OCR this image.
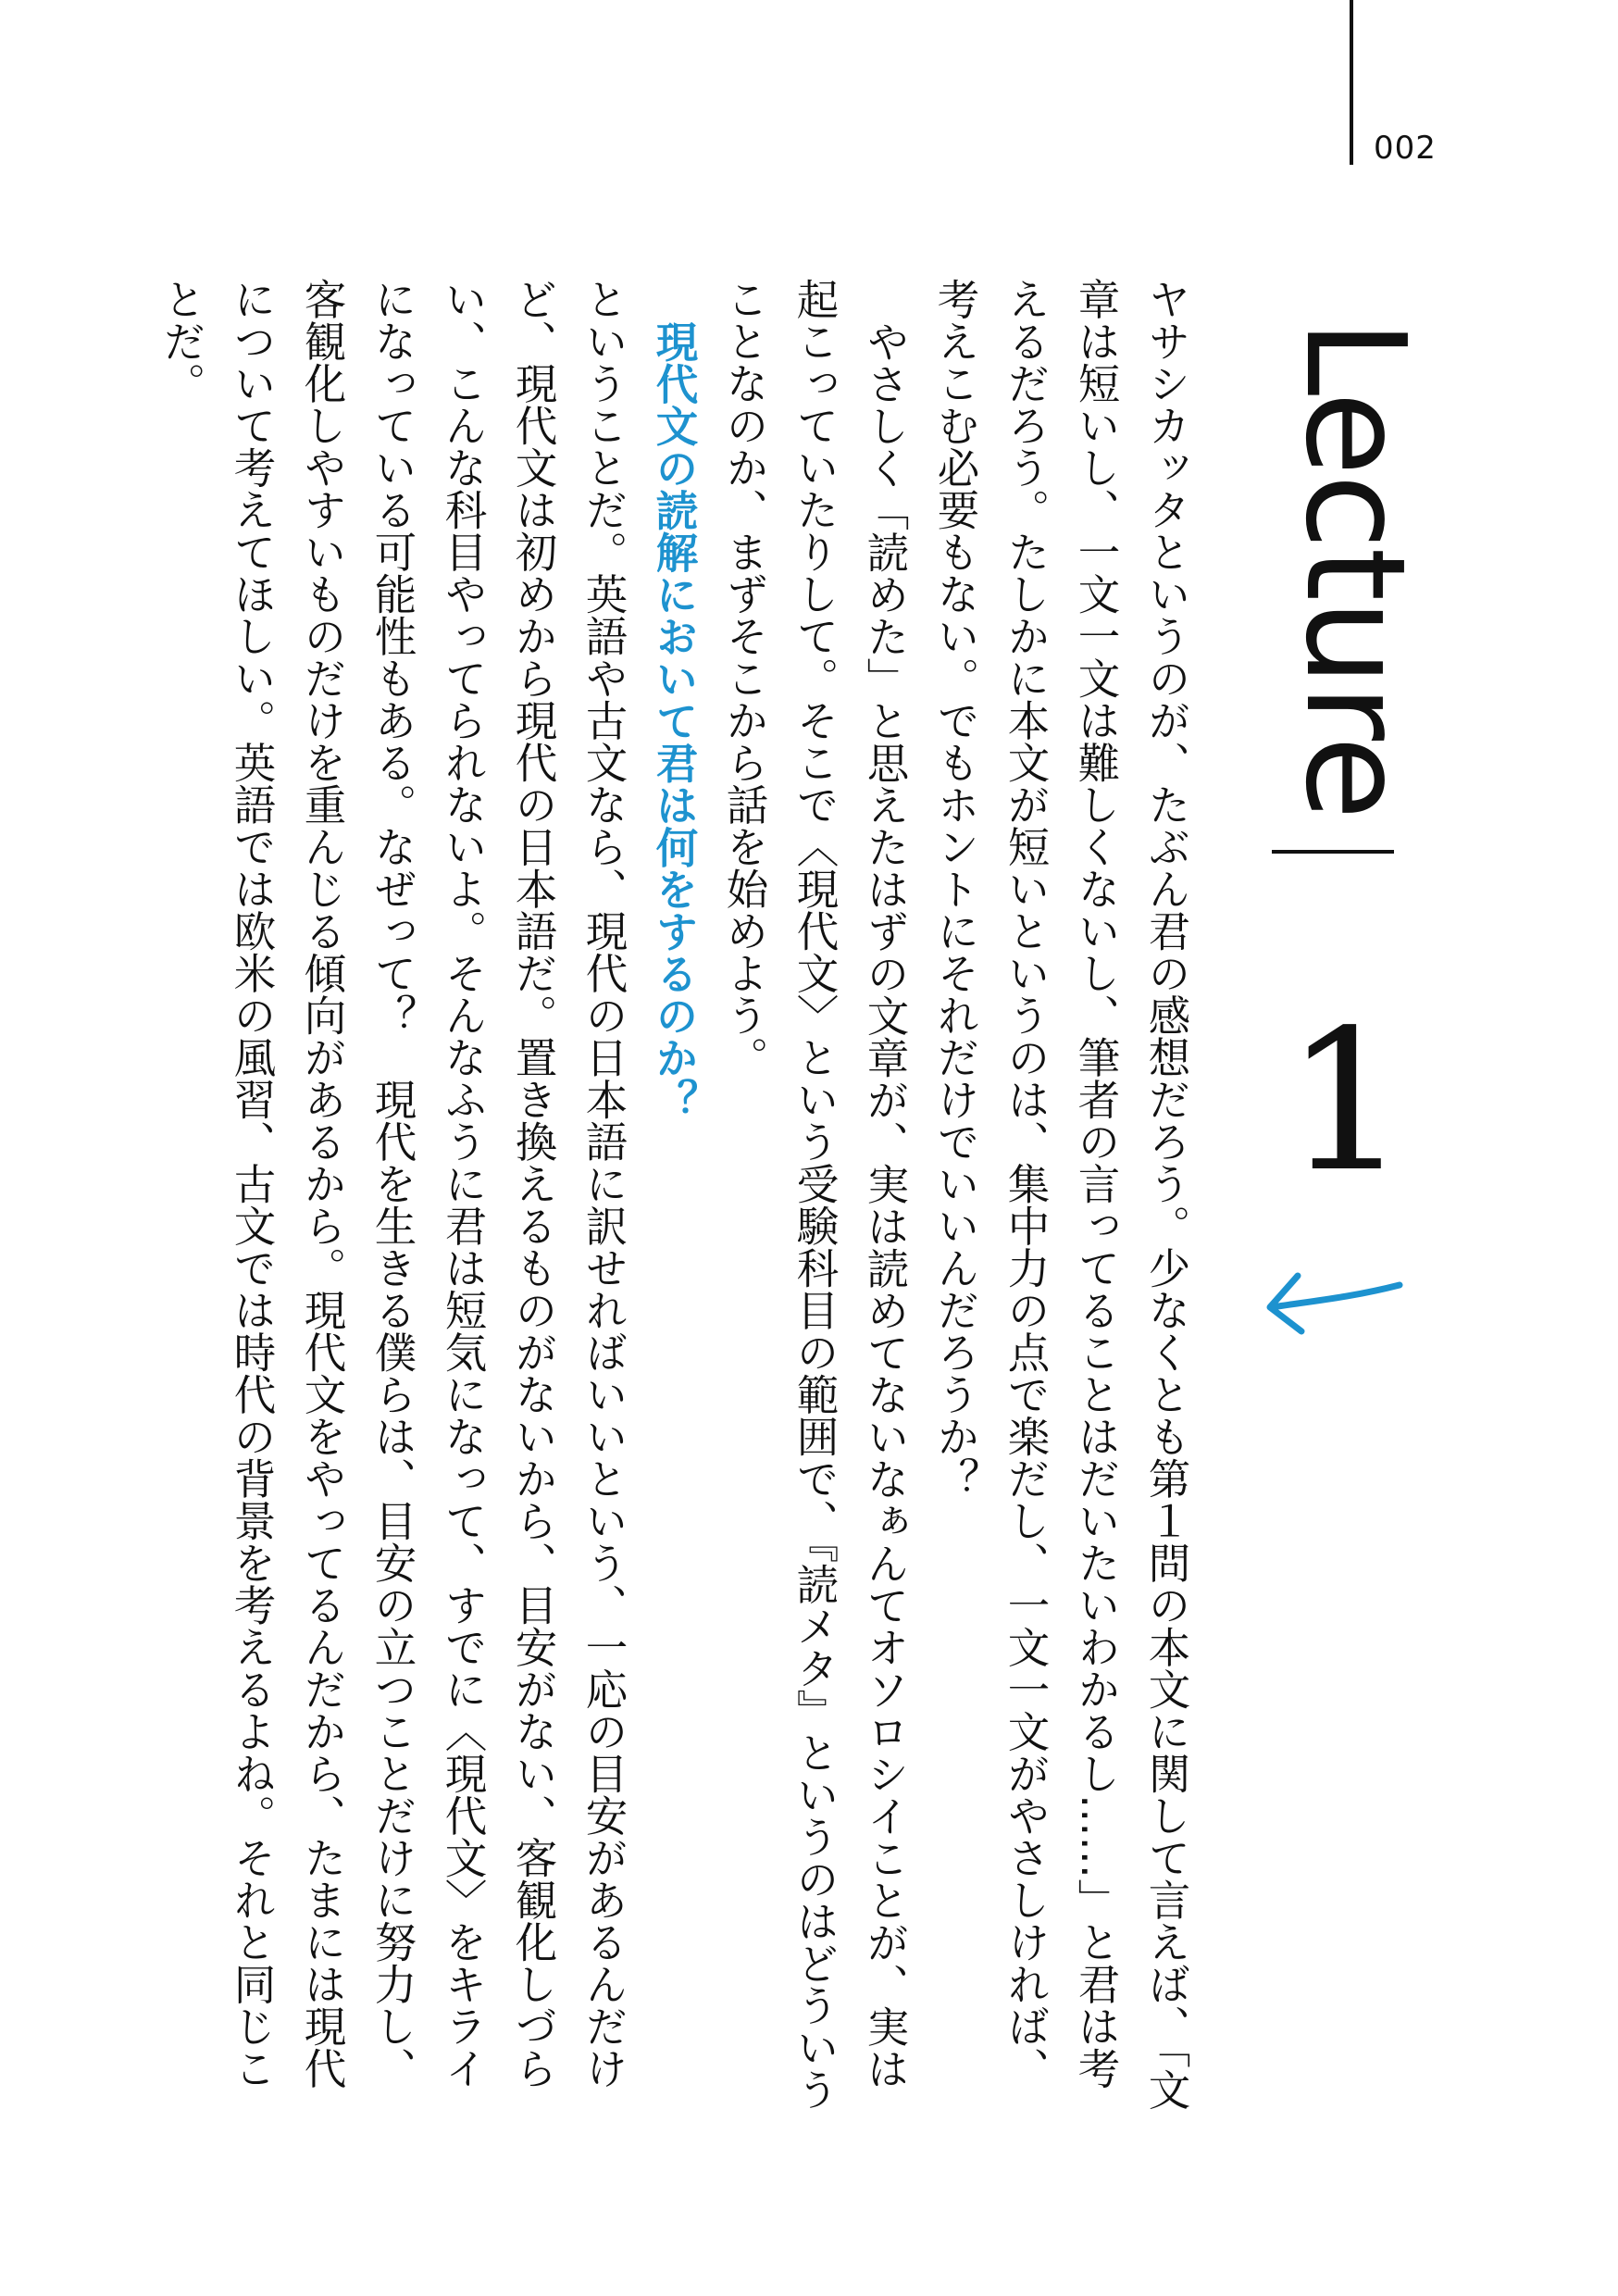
002
Lecture
1

ヤサシカッタというのが、たぶん君の感想だろう。少なくとも第１問の本文に関して言えば、「文章は短いし、一文一文は難しくないし、筆者の言ってることはだいたいわかるし……」と君は考えるだろう。たしかに本文が短いというのは、集中力の点で楽だし、一文一文がやさしければ、考えこむ必要もない。でもホントにそれだけでいいんだろうか？

やさしく「読めた」と思えたはずの文章が、実は読めてないなぁんてオソロシイことが、実は起こっていたりして。そこで〈現代文〉という受験科目の範囲で、『読メタ』というのはどういうことなのか、まずそこから話を始めよう。

現代文の読解において君は何をするのか？

ということだ。英語や古文なら、現代の日本語に訳せればいいという、一応の目安があるんだけど、現代文は初めから現代の日本語だ。置き換えるものがないから、目安がない、客観化しづらい、こんな科目やってられないよ。そんなふうに君は短気になって、すでに〈現代文〉をキライになっている可能性もある。なぜって？　現代を生きる僕らは、目安の立つことだけに努力し、客観化しやすいものだけを重んじる傾向があるから。現代文をやってるんだから、たまには現代について考えてほしい。英語では欧米の風習、古文では時代の背景を考えるよね。それと同じことだ。
